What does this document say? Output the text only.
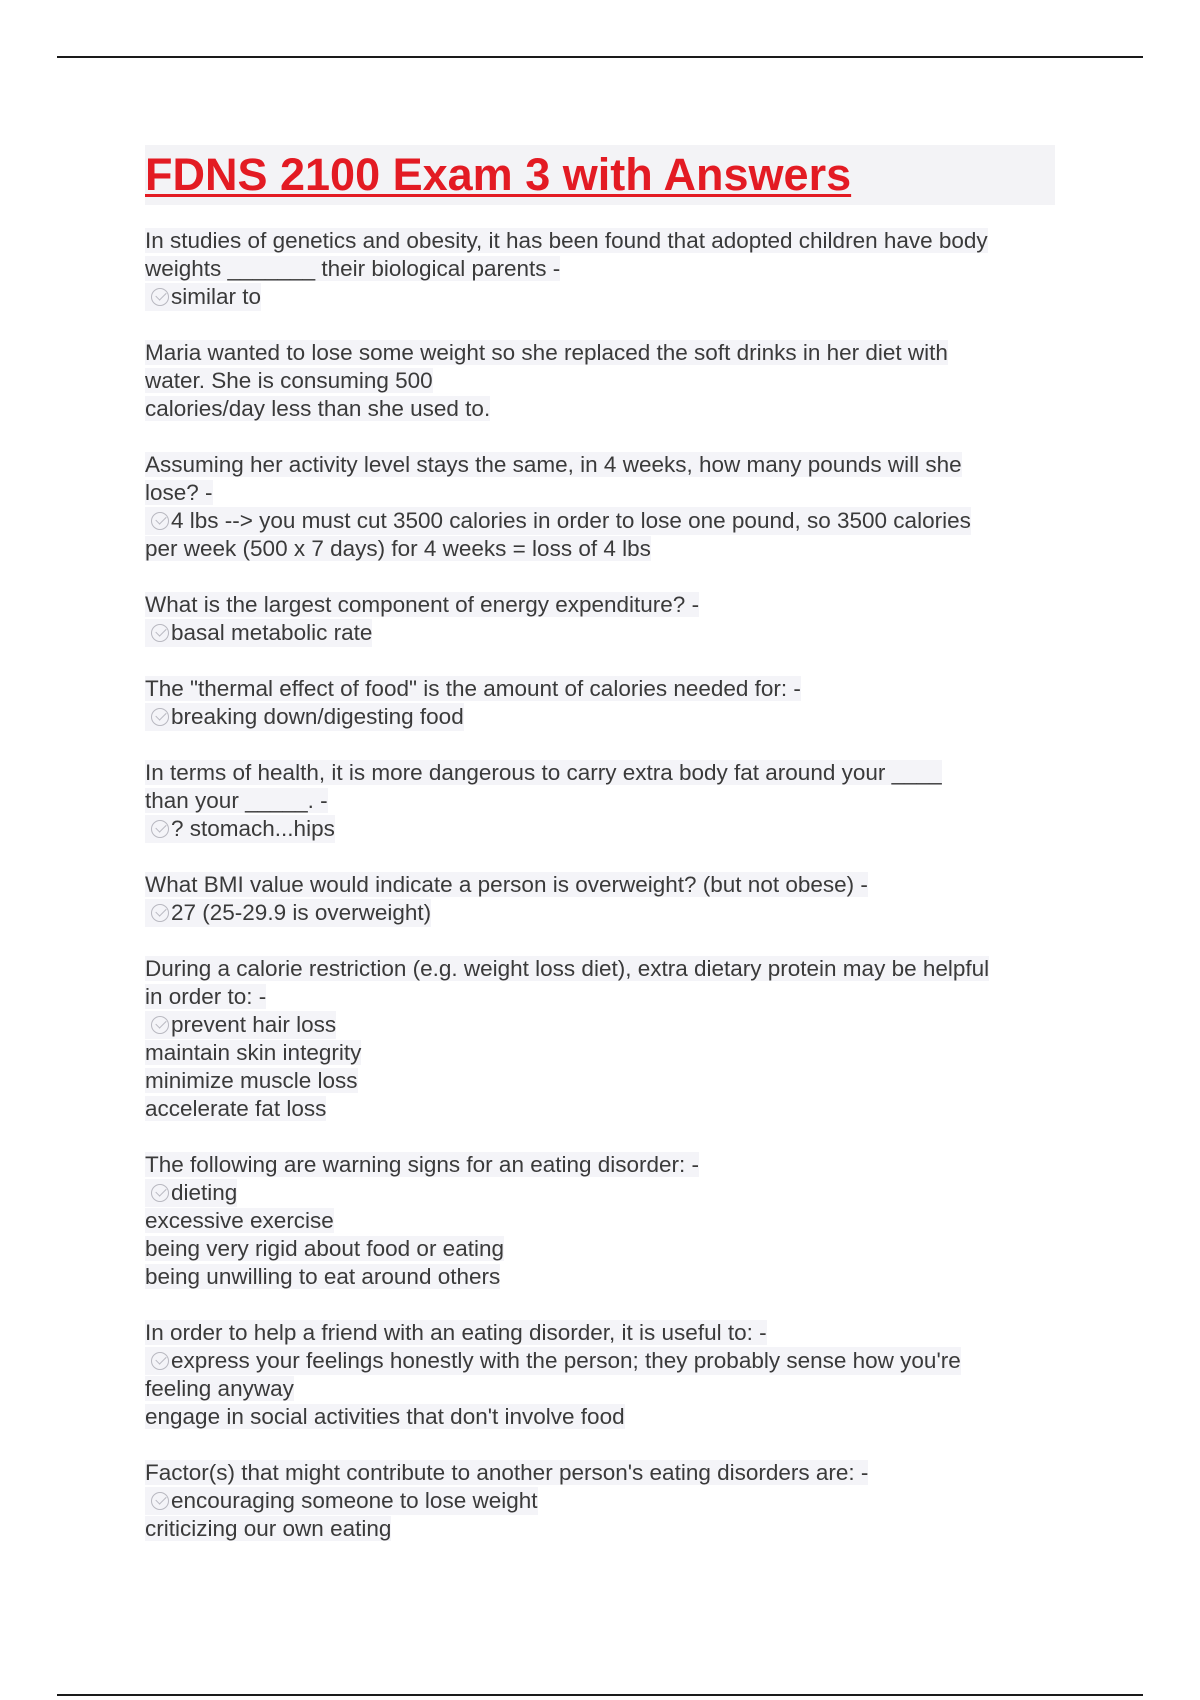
FDNS 2100 Exam 3 with Answers
In studies of genetics and obesity, it has been found that adopted children have body
weights _______ their biological parents -
similar to
Maria wanted to lose some weight so she replaced the soft drinks in her diet with
water. She is consuming 500
calories/day less than she used to.

Assuming her activity level stays the same, in 4 weeks, how many pounds will she
lose? -
4 lbs --> you must cut 3500 calories in order to lose one pound, so 3500 calories
per week (500 x 7 days) for 4 weeks = loss of 4 lbs
What is the largest component of energy expenditure? -
basal metabolic rate
The "thermal effect of food" is the amount of calories needed for: -
breaking down/digesting food
In terms of health, it is more dangerous to carry extra body fat around your ____
than your _____. -
? stomach...hips
What BMI value would indicate a person is overweight? (but not obese) -
27 (25-29.9 is overweight)
During a calorie restriction (e.g. weight loss diet), extra dietary protein may be helpful
in order to: -
prevent hair loss
maintain skin integrity
minimize muscle loss
accelerate fat loss
The following are warning signs for an eating disorder: -
dieting
excessive exercise
being very rigid about food or eating
being unwilling to eat around others
In order to help a friend with an eating disorder, it is useful to: -
express your feelings honestly with the person; they probably sense how you're
feeling anyway
engage in social activities that don't involve food
Factor(s) that might contribute to another person's eating disorders are: -
encouraging someone to lose weight
criticizing our own eating
